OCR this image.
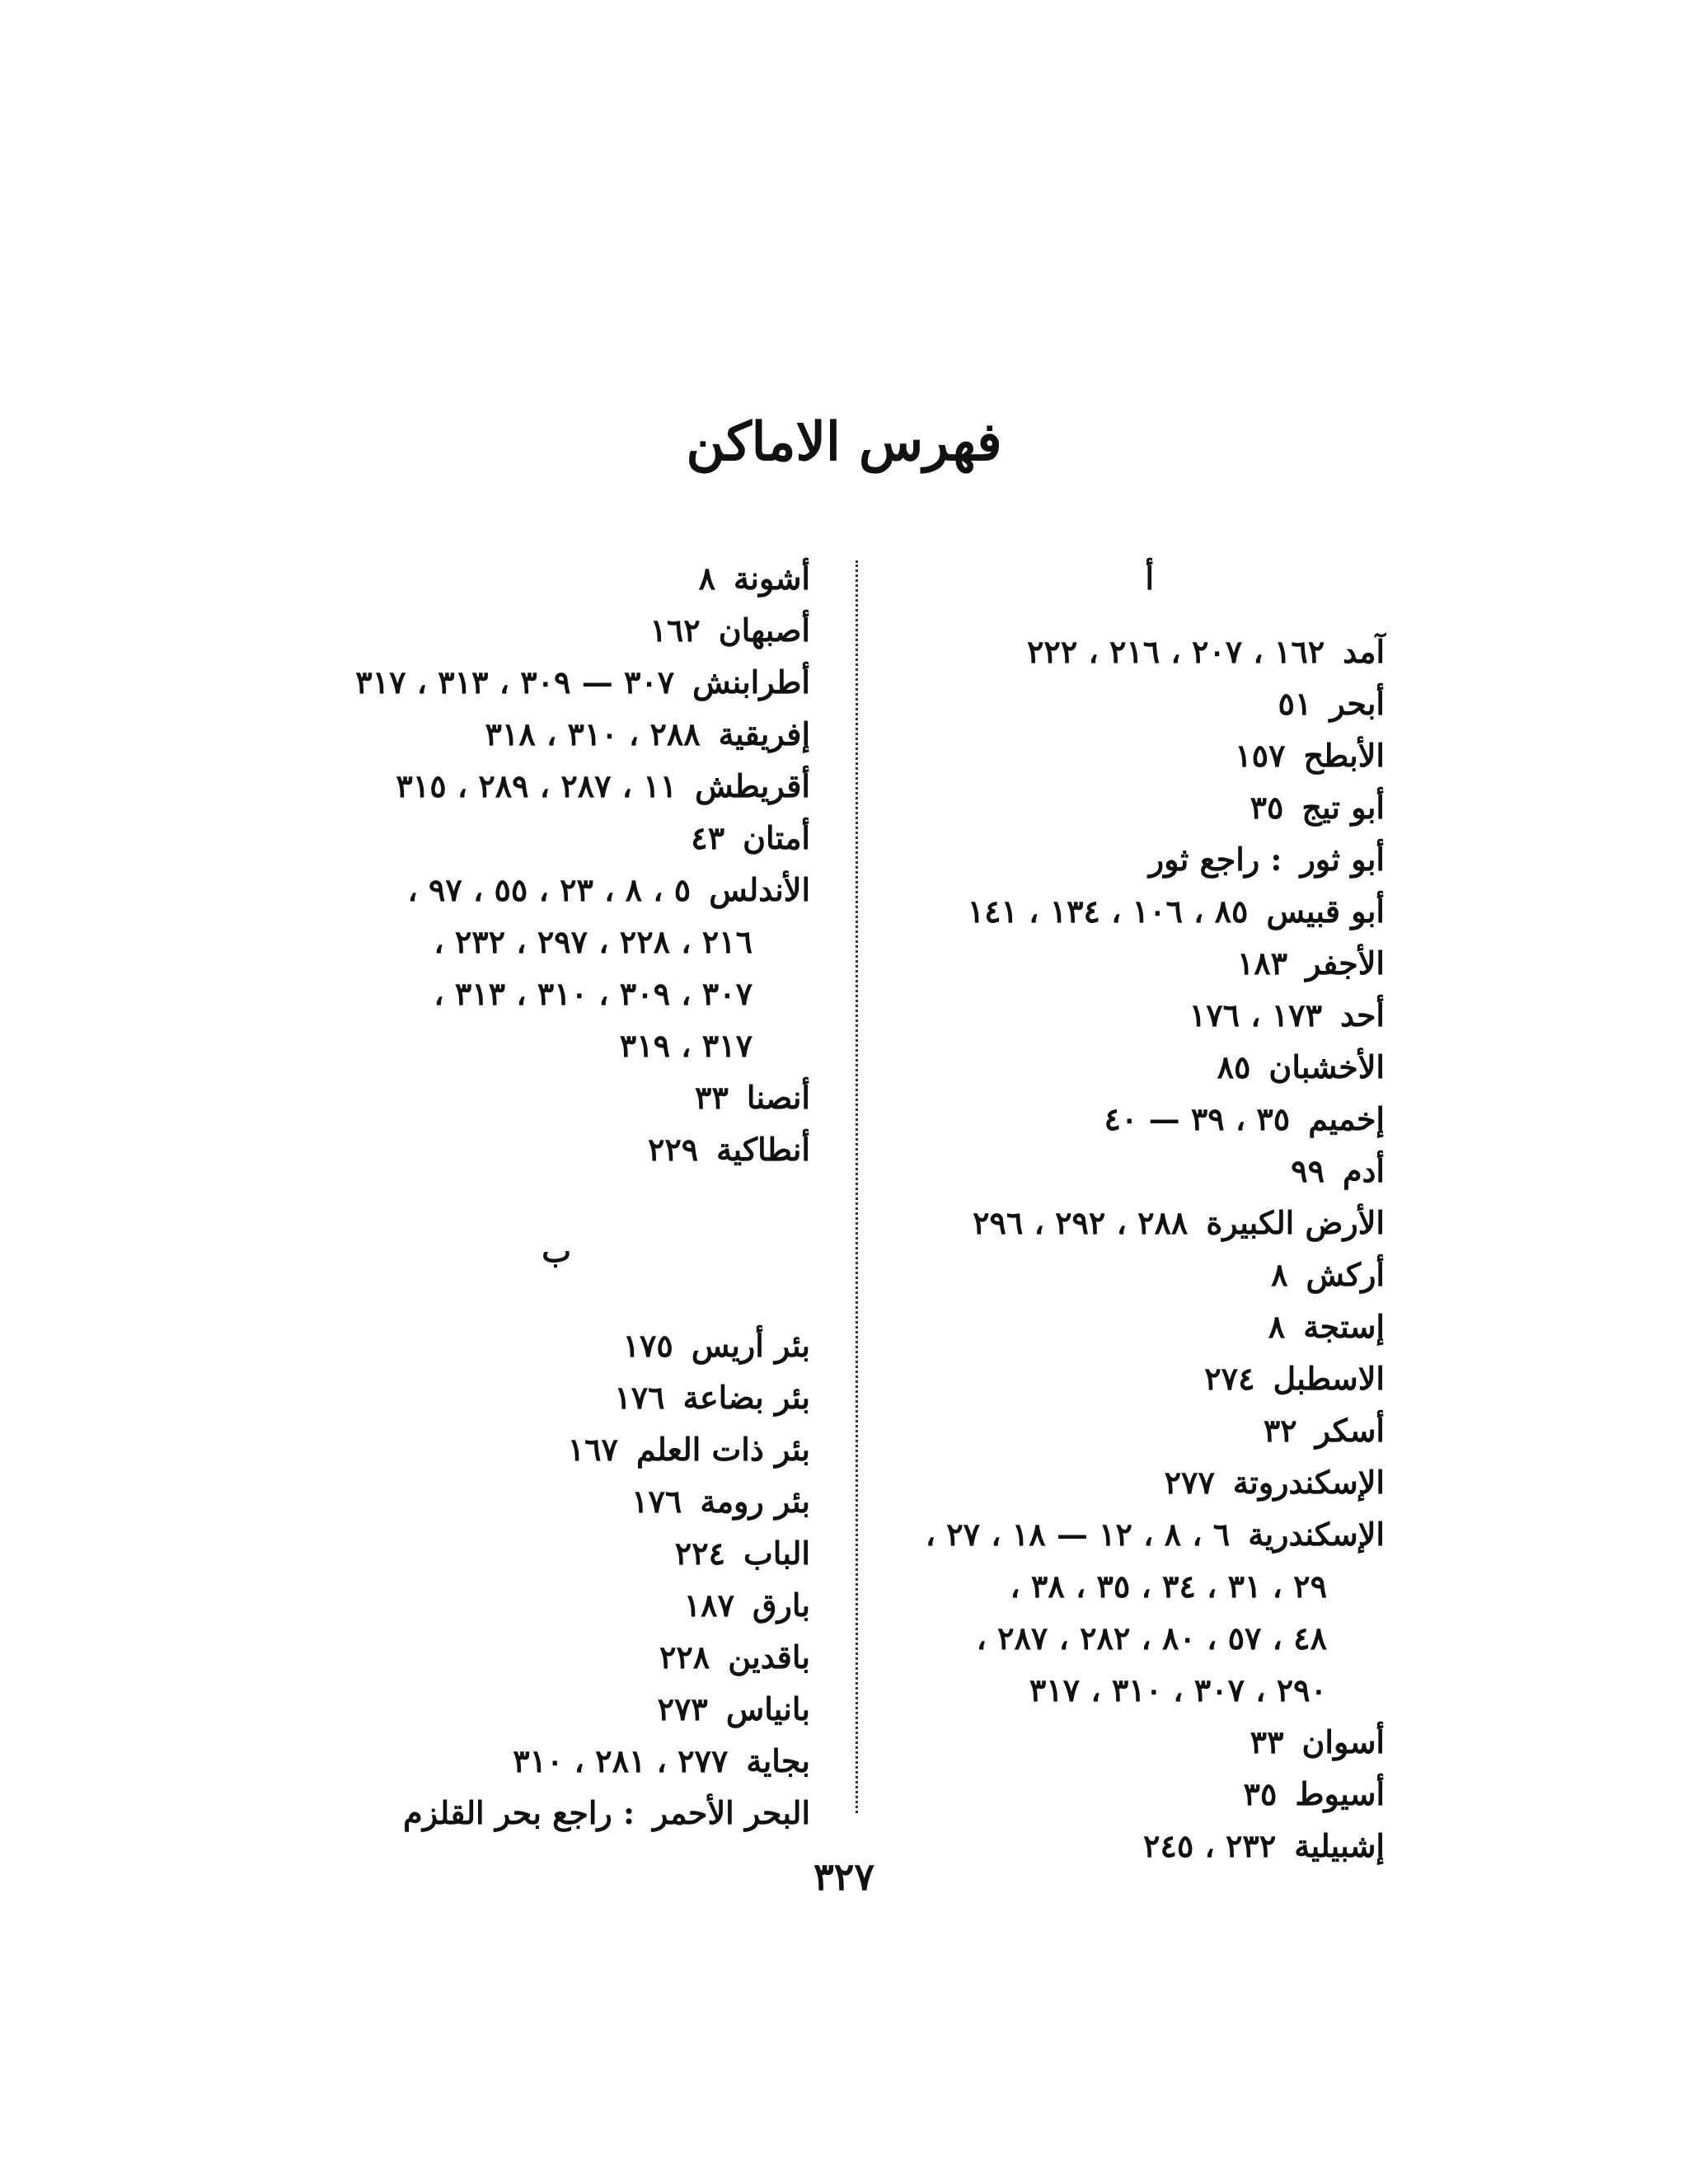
فهرس الاماكن
أ
آمد١٦٢ ، ٢٠٧ ، ٢١٦ ، ٢٢٢
أبحر٥١
الأبطح١٥٧
أبو تيج٣٥
أبو ثور: راجع ثور
أبو قبيس٨٥ ، ١٠٦ ، ١٣٤ ، ١٤١
الأجفر١٨٣
أحد١٧٣ ، ١٧٦
الأخشبان٨٥
إخميم٣٥ ، ٣٩ — ٤٠
أدم٩٩
الأرض الكبيرة٢٨٨ ، ٢٩٢ ، ٢٩٦
أركش٨
إستجة٨
الاسطبل٢٧٤
أسكر٣٢
الإسكندروتة٢٧٧
الإسكندرية٦ ، ٨ ، ١٢ — ١٨ ، ٢٧ ،
٢٩ ، ٣١ ، ٣٤ ، ٣٥ ، ٣٨ ،
٤٨ ، ٥٧ ، ٨٠ ، ٢٨٢ ، ٢٨٧ ،
٢٩٠ ، ٣٠٧ ، ٣١٠ ، ٣١٧
أسوان٣٣
أسيوط٣٥
إشبيلية٢٣٢ ، ٢٤٥
أشونة٨
أصبهان١٦٢
أطرابنش٣٠٧ — ٣٠٩ ، ٣١٣ ، ٣١٧
إفريقية٢٨٨ ، ٣١٠ ، ٣١٨
أقريطش١١ ، ٢٨٧ ، ٢٨٩ ، ٣١٥
أمتان٤٣
الأندلس٥ ، ٨ ، ٢٣ ، ٥٥ ، ٩٧ ،
٢١٦ ، ٢٢٨ ، ٢٩٧ ، ٢٣٢ ،
٣٠٧ ، ٣٠٩ ، ٣١٠ ، ٣١٣ ،
٣١٧ ، ٣١٩
أنصنا٣٣
أنطاكية٢٢٩
ب
بئر أريس١٧٥
بئر بضاعة١٧٦
بئر ذات العلم١٦٧
بئر رومة١٧٦
الباب٢٢٤
بارق١٨٧
باقدين٢٢٨
بانياس٢٧٣
بجاية٢٧٧ ، ٢٨١ ، ٣١٠
البحر الأحمر: راجع بحر القلزم
٣٢٧
